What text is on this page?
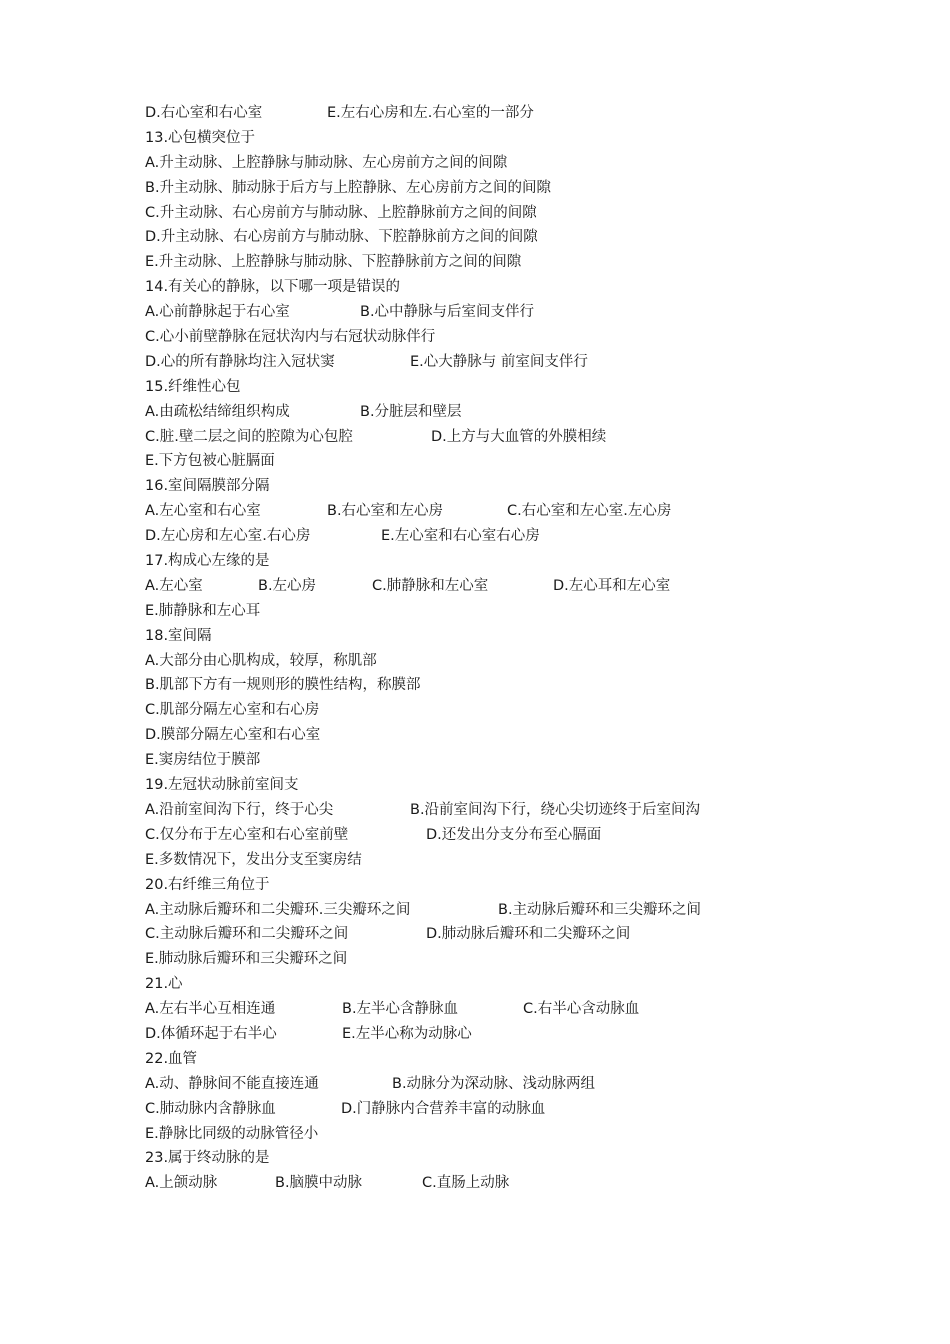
D.右心室和右心室	E.左右心房和左.右心室的一部分
13.心包横突位于
A.升主动脉、上腔静脉与肺动脉、左心房前方之间的间隙
B.升主动脉、肺动脉于后方与上腔静脉、左心房前方之间的间隙
C.升主动脉、右心房前方与肺动脉、上腔静脉前方之间的间隙
D.升主动脉、右心房前方与肺动脉、下腔静脉前方之间的间隙
E.升主动脉、上腔静脉与肺动脉、下腔静脉前方之间的间隙
14.有关心的静脉，以下哪一项是错误的
A.心前静脉起于右心室	B.心中静脉与后室间支伴行
C.心小前壁静脉在冠状沟内与右冠状动脉伴行
D.心的所有静脉均注入冠状窦	E.心大静脉与 前室间支伴行
15.纤维性心包
A.由疏松结缔组织构成	B.分脏层和壁层
C.脏.壁二层之间的腔隙为心包腔	D.上方与大血管的外膜相续
E.下方包被心脏膈面
16.室间隔膜部分隔
A.左心室和右心室	B.右心室和左心房	C.右心室和左心室.左心房
D.左心房和左心室.右心房	E.左心室和右心室右心房
17.构成心左缘的是
A.左心室	B.左心房	C.肺静脉和左心室	D.左心耳和左心室
E.肺静脉和左心耳
18.室间隔
A.大部分由心肌构成，较厚，称肌部
B.肌部下方有一规则形的膜性结构，称膜部
C.肌部分隔左心室和右心房
D.膜部分隔左心室和右心室
E.窦房结位于膜部
19.左冠状动脉前室间支
A.沿前室间沟下行，终于心尖	B.沿前室间沟下行，绕心尖切迹终于后室间沟
C.仅分布于左心室和右心室前壁	D.还发出分支分布至心膈面
E.多数情况下，发出分支至窦房结
20.右纤维三角位于
A.主动脉后瓣环和二尖瓣环.三尖瓣环之间	B.主动脉后瓣环和三尖瓣环之间
C.主动脉后瓣环和二尖瓣环之间	D.肺动脉后瓣环和二尖瓣环之间
E.肺动脉后瓣环和三尖瓣环之间
21.心
A.左右半心互相连通	B.左半心含静脉血	C.右半心含动脉血
D.体循环起于右半心	E.左半心称为动脉心
22.血管
A.动、静脉间不能直接连通	B.动脉分为深动脉、浅动脉两组
C.肺动脉内含静脉血	D.门静脉内合营养丰富的动脉血
E.静脉比同级的动脉管径小
23.属于终动脉的是
A.上颌动脉	B.脑膜中动脉	C.直肠上动脉
